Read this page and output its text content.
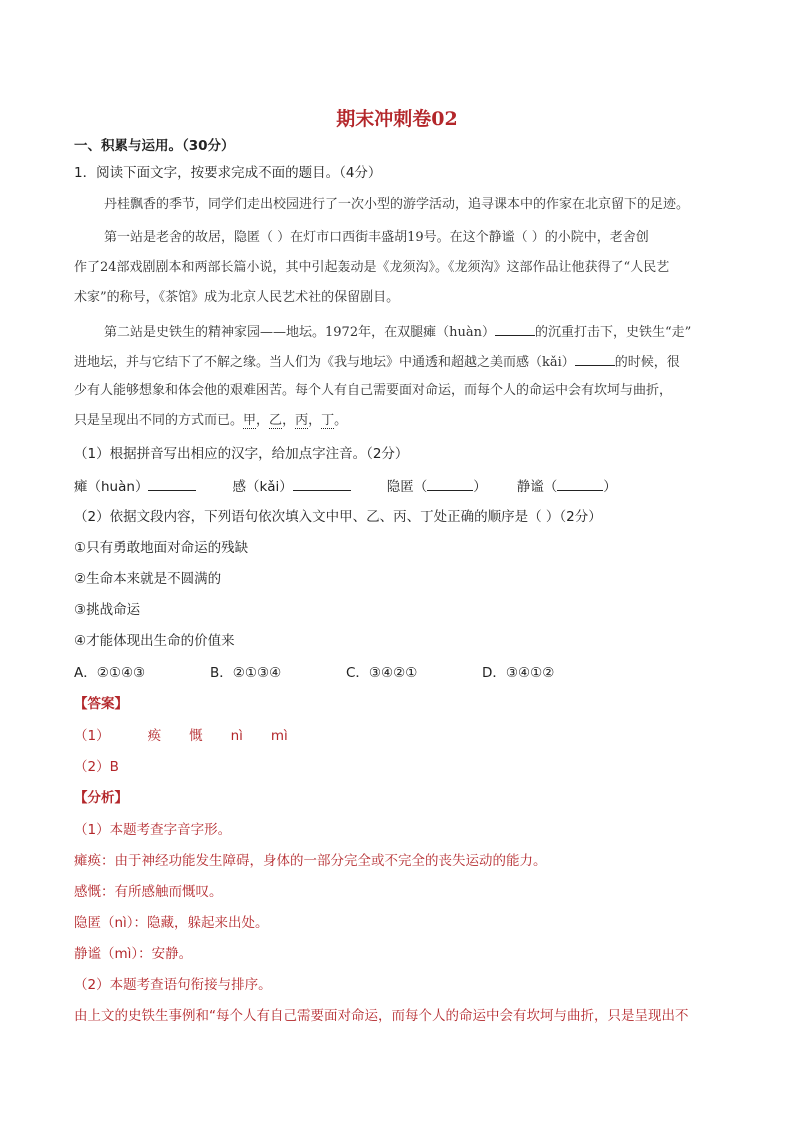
期末冲刺卷02
一、积累与运用。（30分）
1．阅读下面文字，按要求完成不面的题目。（4分）
丹桂飘香的季节，同学们走出校园进行了一次小型的游学活动，追寻课本中的作家在北京留下的足迹。
第一站是老舍的故居，隐匿（ ）在灯市口西街丰盛胡19号。在这个静谧（ ）的小院中，老舍创
作了24部戏剧剧本和两部长篇小说，其中引起轰动是《龙须沟》。《龙须沟》这部作品让他获得了“人民艺
术家”的称号，《茶馆》成为北京人民艺术社的保留剧目。
第二站是史铁生的精神家园——地坛。1972年，在双腿瘫（huàn）	的沉重打击下，史铁生“走”
进地坛，并与它结下了不解之缘。当人们为《我与地坛》中通透和超越之美而感（kǎi）	的时候，很
少有人能够想象和体会他的艰难困苦。每个人有自己需要面对命运，而每个人的命运中会有坎坷与曲折，
只是呈现出不同的方式而已。甲，乙，丙，丁。
（1）根据拼音写出相应的汉字，给加点字注音。（2分）
瘫（huàn）	感（kǎi）	隐匿（	） 静谧（	）
（2）依据文段内容，下列语句依次填入文中甲、乙、丙、丁处正确的顺序是（ ）（2分）
①只有勇敢地面对命运的残缺
②生命本来就是不圆满的
③挑战命运
④才能体现出生命的价值来
A．②①④③	B．②①③④	C．③④②①	D．③④①②
【答案】
（1）	痪 慨 nì mì
（2）B
【分析】
（1）本题考查字音字形。
瘫痪：由于神经功能发生障碍，身体的一部分完全或不完全的丧失运动的能力。
感慨：有所感触而慨叹。
隐匿（nì）：隐藏，躲起来出处。
静谧（mì）：安静。
（2）本题考查语句衔接与排序。
由上文的史铁生事例和“每个人有自己需要面对命运，而每个人的命运中会有坎坷与曲折，只是呈现出不
